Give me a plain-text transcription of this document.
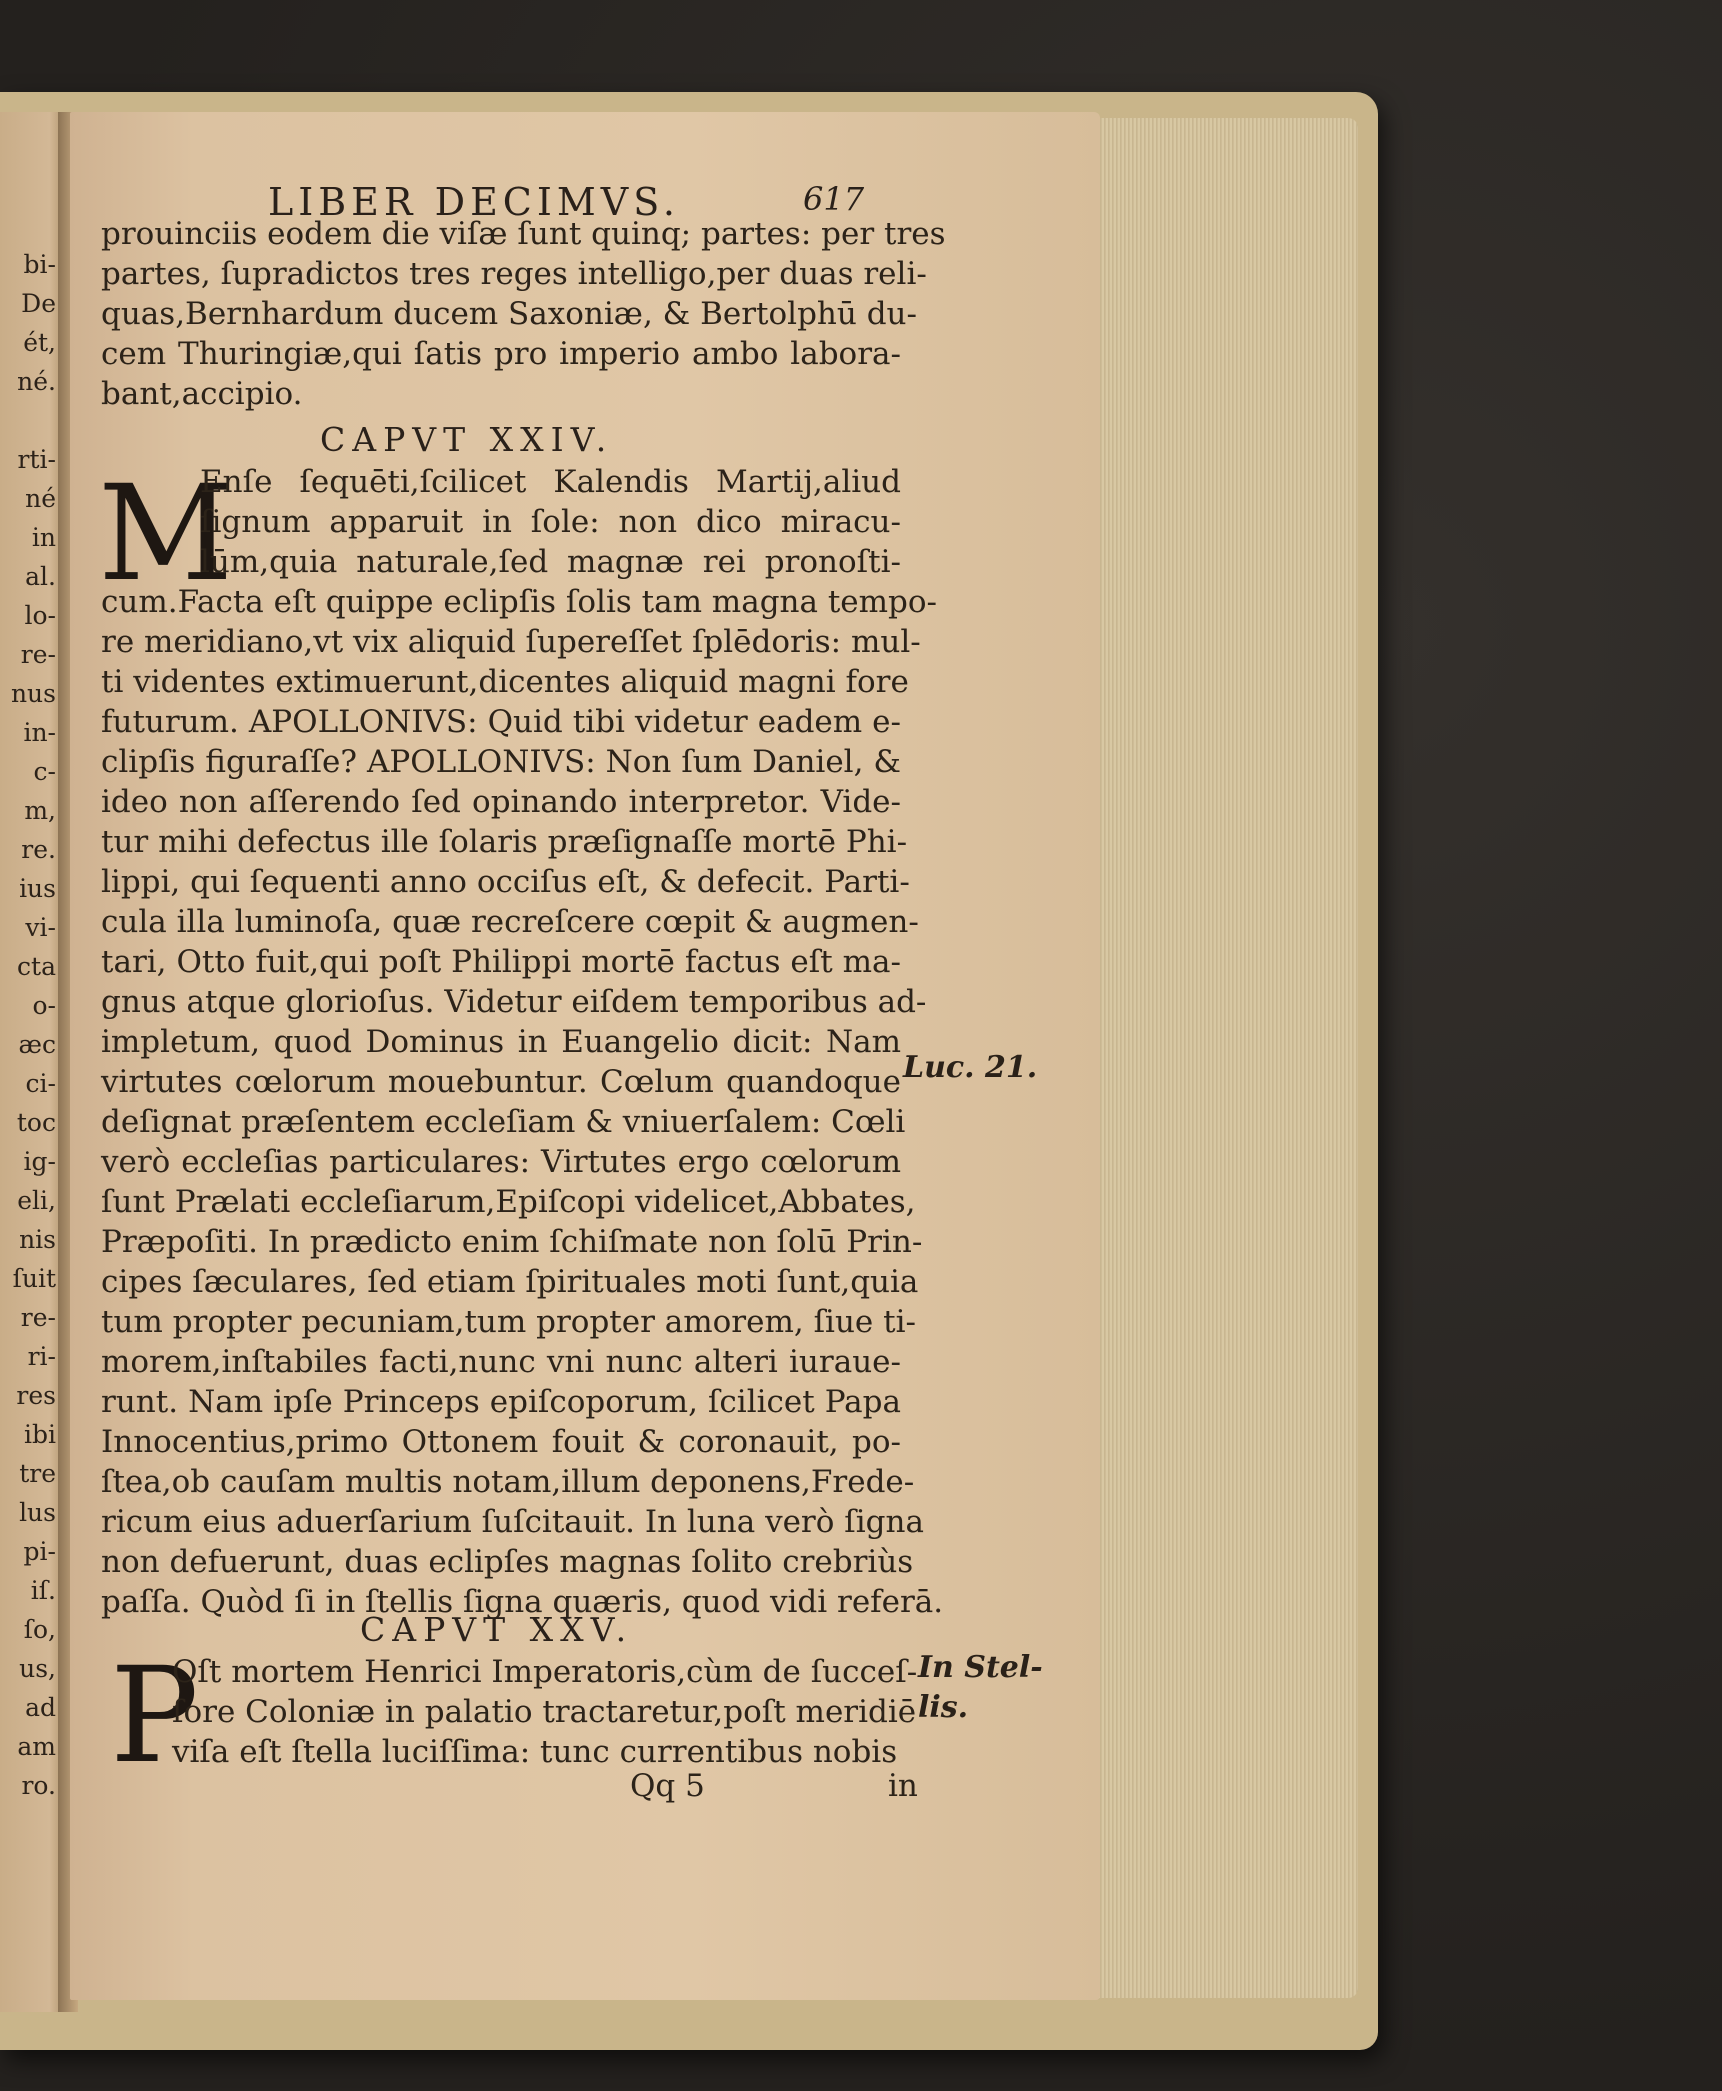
bi-
De
ét,
né.
rti-
né
in
al.
lo-
re-
nus
in-
c-
m,
re.
ius
vi-
cta
o-
æc
ci-
toc
ig-
eli,
nis
ſuit
re-
ri-
res
ibi
tre
lus
pi-
iſ.
ſo,
us,
ad
am
ro.
LIBER DECIMVS.	617
prouinciis eodem die viſæ ſunt quinq; partes: per tres
partes, ſupradictos tres reges intelligo,per duas reli-
quas,Bernhardum ducem Saxoniæ, & Bertolphū du-
cem Thuringiæ,qui ſatis pro imperio ambo labora-
bant,accipio.
CAPVT XXIV.
M
Enſe ſequēti,ſcilicet Kalendis Martij,aliud
ſignum apparuit in ſole: non dico miracu-
lūm,quia naturale,ſed magnæ rei pronoſti-
cum.Facta eſt quippe eclipſis ſolis tam magna tempo-
re meridiano,vt vix aliquid ſupereſſet ſplēdoris: mul-
ti videntes extimuerunt,dicentes aliquid magni fore
futurum. APOLLONIVS: Quid tibi videtur eadem e-
clipſis figuraſſe? APOLLONIVS: Non ſum Daniel, &
ideo non aſſerendo ſed opinando interpretor. Vide-
tur mihi defectus ille ſolaris præſignaſſe mortē Phi-
lippi, qui ſequenti anno occiſus eſt, & defecit. Parti-
cula illa luminoſa, quæ recreſcere cœpit & augmen-
tari, Otto fuit,qui poſt Philippi mortē factus eſt ma-
gnus atque glorioſus. Videtur eiſdem temporibus ad-
impletum, quod Dominus in Euangelio dicit: Nam
virtutes cœlorum mouebuntur. Cœlum quandoque
deſignat præſentem eccleſiam & vniuerſalem: Cœli
verò eccleſias particulares: Virtutes ergo cœlorum
ſunt Prælati eccleſiarum,Epiſcopi videlicet,Abbates,
Præpoſiti. In prædicto enim ſchiſmate non ſolū Prin-
cipes ſæculares, ſed etiam ſpirituales moti ſunt,quia
tum propter pecuniam,tum propter amorem, ſiue ti-
morem,inſtabiles facti,nunc vni nunc alteri iuraue-
runt. Nam ipſe Princeps epiſcoporum, ſcilicet Papa
Innocentius,primo Ottonem fouit & coronauit, po-
ſtea,ob cauſam multis notam,illum deponens,Frede-
ricum eius aduerſarium ſuſcitauit. In luna verò ſigna
non defuerunt, duas eclipſes magnas ſolito crebriùs
paſſa. Quòd ſi in ſtellis ſigna quæris, quod vidi referā.
Luc. 21.
CAPVT XXV.
P
Oſt mortem Henrici Imperatoris,cùm de ſucceſ-
ſore Coloniæ in palatio tractaretur,poſt meridiē
viſa eſt ſtella luciſſima: tunc currentibus nobis
In Stel-
lis.
Qq 5	in
